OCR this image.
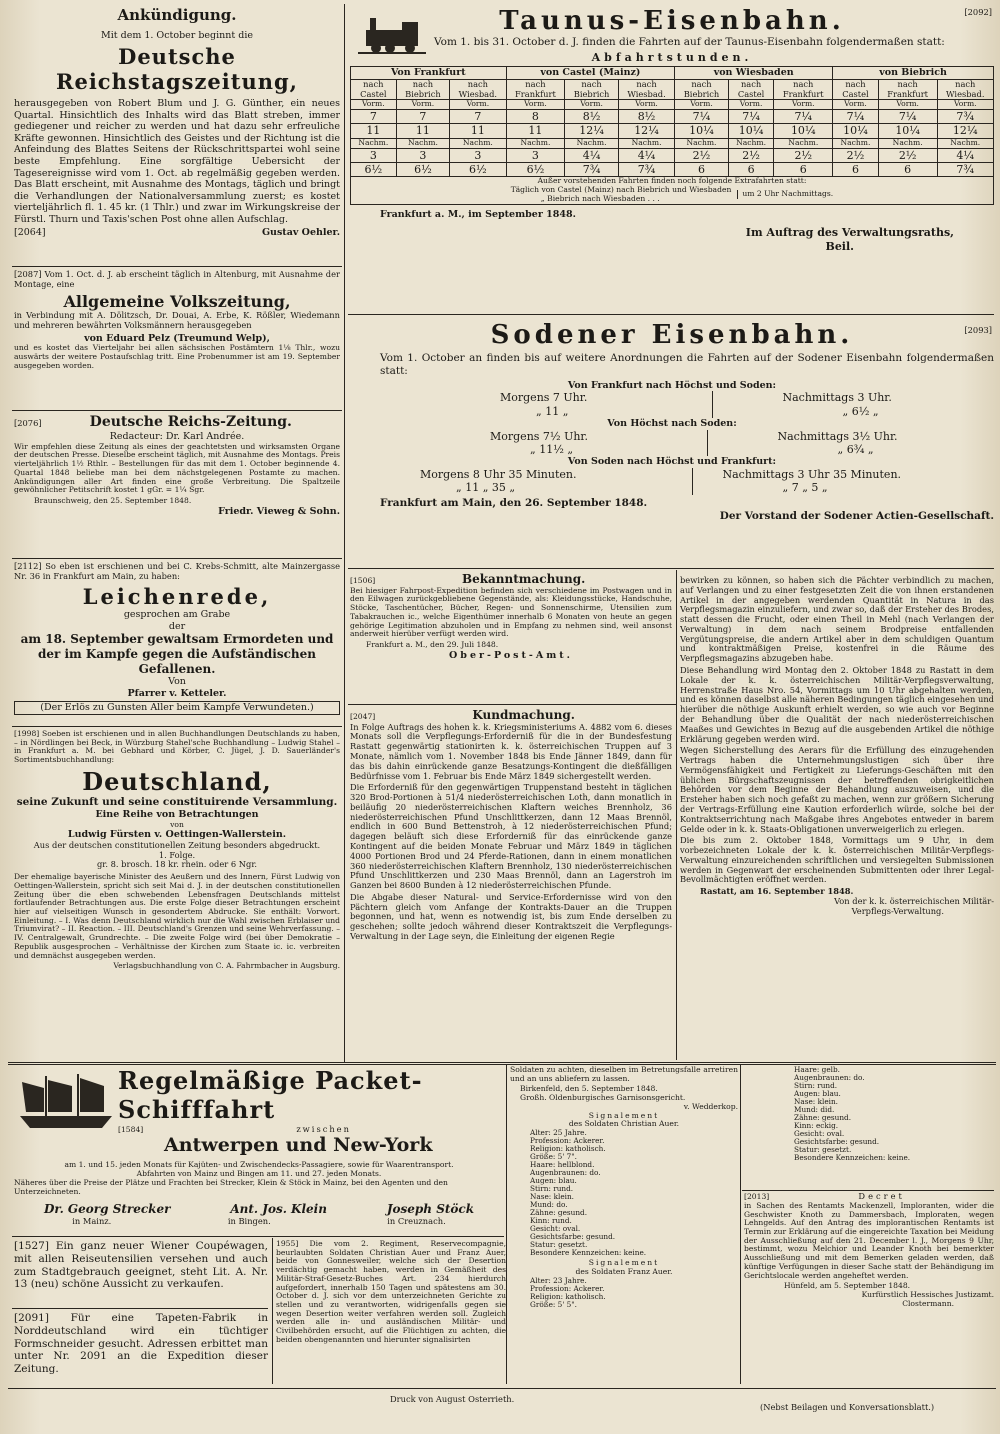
Ankündigung.
Mit dem 1. October beginnt die
Deutsche Reichstagszeitung,

herausgegeben von Robert Blum und J. G. Günther, ein neues Quartal. Hinsichtlich des Inhalts wird das Blatt streben, immer gediegener und reicher zu werden und hat dazu sehr erfreuliche Kräfte gewonnen. Hinsichtlich des Geistes und der Richtung ist die Anfeindung des Blattes Seitens der Rückschrittspartei wohl seine beste Empfehlung. Eine sorgfältige Uebersicht der Tagesereignisse wird vom 1. Oct. ab regelmäßig gegeben werden. Das Blatt erscheint, mit Ausnahme des Montags, täglich und bringt die Verhandlungen der Nationalversammlung zuerst; es kostet vierteljährlich fl. 1. 45 kr. (1 Thlr.) und zwar im Wirkungskreise der Fürstl. Thurn und Taxis'schen Post ohne allen Aufschlag.

[2064]	Gustav Oehler.

[2087] Vom 1. Oct. d. J. ab erscheint täglich in Altenburg, mit Ausnahme der Montage, eine

Allgemeine Volkszeitung,

in Verbindung mit A. Dölitzsch, Dr. Douai, A. Erbe, K. Rößler, Wiedemann und mehreren bewährten Volksmännern herausgegeben

von Eduard Pelz (Treumund Welp),

und es kostet das Vierteljahr bei allen sächsischen Postämtern 1⅛ Thlr., wozu auswärts der weitere Postaufschlag tritt. Eine Probenummer ist am 19. September ausgegeben worden.

[2076]	Deutsche Reichs-Zeitung.
Redacteur: Dr. Karl Andrée.

Wir empfehlen diese Zeitung als eines der geachtetsten und wirksamsten Organe der deutschen Presse. Dieselbe erscheint täglich, mit Ausnahme des Montags. Preis vierteljährlich 1½ Rthlr. – Bestellungen für das mit dem 1. October beginnende 4. Quartal 1848 beliebe man bei dem nächstgelegenen Postamte zu machen. Ankündigungen aller Art finden eine große Verbreitung. Die Spaltzeile gewöhnlicher Petitschrift kostet 1 gGr. = 1¼ Sgr.

Braunschweig, den 25. September 1848.
Friedr. Vieweg & Sohn.

[2112] So eben ist erschienen und bei C. Krebs-Schmitt, alte Mainzergasse Nr. 36 in Frankfurt am Main, zu haben:

Leichenrede,
gesprochen am Grabe
der
am 18. September gewaltsam Ermordeten und der im Kampfe gegen die Aufständischen Gefallenen.
Von
Pfarrer v. Ketteler.
(Der Erlös zu Gunsten Aller beim Kampfe Verwundeten.)

[1998] Soeben ist erschienen und in allen Buchhandlungen Deutschlands zu haben, – in Nördlingen bei Beck, in Würzburg Stahel'sche Buchhandlung – Ludwig Stahel – in Frankfurt a. M. bei Gebhard und Körber, C. Jügel, J. D. Sauerländer's Sortimentsbuchhandlung:

Deutschland,
seine Zukunft und seine constituirende Versammlung.
Eine Reihe von Betrachtungen
von
Ludwig Fürsten v. Oettingen-Wallerstein.
Aus der deutschen constitutionellen Zeitung besonders abgedruckt.
1. Folge.
gr. 8. brosch. 18 kr. rhein. oder 6 Ngr.

Der ehemalige bayerische Minister des Aeußern und des Innern, Fürst Ludwig von Oettingen-Wallerstein, spricht sich seit Mai d. J. in der deutschen constitutionellen Zeitung über die eben schwebenden Lebensfragen Deutschlands mittelst fortlaufender Betrachtungen aus. Die erste Folge dieser Betrachtungen erscheint hier auf vielseitigen Wunsch in gesondertem Abdrucke. Sie enthält: Vorwort. Einleitung. – I. Was denn Deutschland wirklich nur die Wahl zwischen Erblaiser und Triumvirat? – II. Reaction. – III. Deutschland's Grenzen und seine Wehrverfassung. – IV. Centralgewalt, Grundrechte. – Die zweite Folge wird (bei über Demokratie – Republik ausgesprochen – Verhältnisse der Kirchen zum Staate ic. ic. verbreiten und demnächst ausgegeben werden.

Verlagsbuchhandlung von C. A. Fahrmbacher in Augsburg.
Taunus-Eisenbahn.	[2092]

Vom 1. bis 31. October d. J. finden die Fahrten auf der Taunus-Eisenbahn folgendermaßen statt:

Abfahrtstunden.
Von Frankfurt			von Castel (Mainz)			von Wiesbaden			von Biebrich		
nach Castel	nach Biebrich	nach Wiesbad.	nach Frankfurt	nach Biebrich	nach Wiesbad.	nach Biebrich	nach Castel	nach Frankfurt	nach Castel	nach Frankfurt	nach Wiesbad.
Vorm.	Vorm.	Vorm.	Vorm.	Vorm.	Vorm.	Vorm.	Vorm.	Vorm.	Vorm.	Vorm.	Vorm.
7	7	7	8	8½	8½	7¼	7¼	7¼	7¼	7¼	7¾
11	11	11	11	12¼	12¼	10¼	10¼	10¼	10¼	10¼	12¼
Nachm.	Nachm.	Nachm.	Nachm.	Nachm.	Nachm.	Nachm.	Nachm.	Nachm.	Nachm.	Nachm.	Nachm.
3	3	3	3	4¼	4¼	2½	2½	2½	2½	2½	4¼
6½	6½	6½	6½	7¾	7¾	6	6	6	6	6	7¾

Außer vorstehenden Fahrten finden noch folgende Extrafahrten statt:
Täglich von Castel (Mainz) nach Biebrich und Wiesbaden
„ Biebrich nach Wiesbaden . . . um 2 Uhr Nachmittags.											
Frankfurt a. M., im September 1848.
Im Auftrag des Verwaltungsraths,
Beil.
Sodener Eisenbahn.	[2093]

Vom 1. October an finden bis auf weitere Anordnungen die Fahrten auf der Sodener Eisenbahn folgendermaßen statt:

Von Frankfurt nach Höchst und Soden:
Morgens 7 Uhr.
„ 11 „
Nachmittags 3 Uhr.
„ 6½ „
Von Höchst nach Soden:
Morgens 7½ Uhr.
„ 11½ „
Nachmittags 3½ Uhr.
„ 6¾ „
Von Soden nach Höchst und Frankfurt:
Morgens 8 Uhr 35 Minuten.
„ 11 „ 35 „
Nachmittags 3 Uhr 35 Minuten.
„ 7 „ 5 „
Frankfurt am Main, den 26. September 1848.
Der Vorstand der Sodener Actien-Gesellschaft.
[1506]	Bekanntmachung.

Bei hiesiger Fahrpost-Expedition befinden sich verschiedene im Postwagen und in den Eilwagen zurückgebliebene Gegenstände, als: Kleidungsstücke, Handschuhe, Stöcke, Taschentücher, Bücher, Regen- und Sonnenschirme, Utensilien zum Tabakrauchen ic., welche Eigenthümer innerhalb 6 Monaten von heute an gegen gehörige Legitimation abzuholen und in Empfang zu nehmen sind, weil ansonst anderweit hierüber verfügt werden wird.

Frankfurt a. M., den 29. Juli 1848.
Ober-Post-Amt.
[2047]	Kundmachung.

In Folge Auftrags des hohen k. k. Kriegsministeriums A. 4882 vom 6. dieses Monats soll die Verpflegungs-Erforderniß für die in der Bundesfestung Rastatt gegenwärtig stationirten k. k. österreichischen Truppen auf 3 Monate, nämlich vom 1. November 1848 bis Ende Jänner 1849, dann für das bis dahin einrückende ganze Besatzungs-Kontingent die dießfälligen Bedürfnisse vom 1. Februar bis Ende März 1849 sichergestellt werden.

Die Erforderniß für den gegenwärtigen Truppenstand besteht in täglichen 320 Brod-Portionen à 51/4 niederösterreichischen Loth, dann monatlich in beiläufig 20 niederösterreichischen Klaftern weiches Brennholz, 36 niederösterreichischen Pfund Unschlittkerzen, dann 12 Maas Brennöl, endlich in 600 Bund Bettenstroh, à 12 niederösterreichischen Pfund; dagegen beläuft sich diese Erforderniß für das einrückende ganze Kontingent auf die beiden Monate Februar und März 1849 in täglichen 4000 Portionen Brod und 24 Pferde-Rationen, dann in einem monatlichen 360 niederösterreichischen Klaftern Brennholz, 130 niederösterreichischen Pfund Unschlittkerzen und 230 Maas Brennöl, dann an Lagerstroh im Ganzen bei 8600 Bunden à 12 niederösterreichischen Pfunde.

Die Abgabe dieser Natural- und Service-Erfordernisse wird von den Pächtern gleich vom Anfange der Kontrakts-Dauer an die Truppen begonnen, und hat, wenn es notwendig ist, bis zum Ende derselben zu geschehen; sollte jedoch während dieser Kontraktszeit die Verpflegungs-Verwaltung in der Lage seyn, die Einleitung der eigenen Regie

bewirken zu können, so haben sich die Pächter verbindlich zu machen, auf Verlangen und zu einer festgesetzten Zeit die von ihnen erstandenen Artikel in der angegeben werdenden Quantität in Natura in das Verpflegsmagazin einzuliefern, und zwar so, daß der Ersteher des Brodes, statt dessen die Frucht, oder einen Theil in Mehl (nach Verlangen der Verwaltung) in dem nach seinem Brodpreise entfallenden Vergütungspreise, die andern Artikel aber in dem schuldigen Quantum und kontraktmäßigen Preise, kostenfrei in die Räume des Verpflegsmagazins abzugeben habe.

Diese Behandlung wird Montag den 2. Oktober 1848 zu Rastatt in dem Lokale der k. k. österreichischen Militär-Verpflegsverwaltung, Herrenstraße Haus Nro. 54, Vormittags um 10 Uhr abgehalten werden, und es können daselbst alle näheren Bedingungen täglich eingesehen und hierüber die nöthige Auskunft erhielt werden, so wie auch vor Beginne der Behandlung über die Qualität der nach niederösterreichischen Maaßes und Gewichtes in Bezug auf die ausgebenden Artikel die nöthige Erklärung gegeben werden wird.

Wegen Sicherstellung des Aerars für die Erfüllung des einzugehenden Vertrags haben die Unternehmungslustigen sich über ihre Vermögensfähigkeit und Fertigkeit zu Lieferungs-Geschäften mit den üblichen Bürgschaftszeugnissen der betreffenden obrigkeitlichen Behörden vor dem Beginne der Behandlung auszuweisen, und die Ersteher haben sich noch gefaßt zu machen, wenn zur größern Sicherung der Vertrags-Erfüllung eine Kaution erforderlich würde, solche bei der Kontraktserrichtung nach Maßgabe ihres Angebotes entweder in barem Gelde oder in k. k. Staats-Obligationen unverweigerlich zu erlegen.

Die bis zum 2. Oktober 1848, Vormittags um 9 Uhr, in dem vorbezeichneten Lokale der k. k. österreichischen Militär-Verpflegs-Verwaltung einzureichenden schriftlichen und versiegelten Submissionen werden in Gegenwart der erscheinenden Submittenten oder ihrer Legal-Bevollmächtigten eröffnet werden.

Rastatt, am 16. September 1848.
Von der k. k. österreichischen Militär-
Verpflegs-Verwaltung.
Regelmäßige Packet-Schifffahrt
[1584]	zwischen
Antwerpen und New-York
am 1. und 15. jeden Monats für Kajüten- und Zwischendecks-Passagiere, sowie für Waarentransport.
Abfahrten von Mainz und Bingen am 11. und 27. jeden Monats.
Näheres über die Preise der Plätze und Frachten bei Strecker, Klein & Stöck in Mainz, bei den Agenten und den Unterzeichneten.
Dr. Georg Strecker	Ant. Jos. Klein	Joseph Stöck
in Mainz.	in Bingen.	in Creuznach.

[1527] Ein ganz neuer Wiener Coupéwagen, mit allen Reiseutensilien versehen und auch zum Stadtgebrauch geeignet, steht Lit. A. Nr. 13 (neu) schöne Aussicht zu verkaufen.

[2091] Für eine Tapeten-Fabrik in Norddeutschland wird ein tüchtiger Formschneider gesucht. Adressen erbittet man unter Nr. 2091 an die Expedition dieser Zeitung.

1955] Die vom 2. Regiment, Reservecompagnie, beurlaubten Soldaten Christian Auer und Franz Auer, beide von Gonnesweiler, welche sich der Desertion verdächtig gemacht haben, werden in Gemäßheit des Militär-Straf-Gesetz-Buches Art. 234 hierdurch aufgefordert, innerhalb 150 Tagen und spätestens am 30. October d. J. sich vor dem unterzeichneten Gerichte zu stellen und zu verantworten, widrigenfalls gegen sie wegen Desertion weiter verfahren werden soll. Zugleich werden alle in- und ausländischen Militär- und Civilbehörden ersucht, auf die Flüchtigen zu achten, die beiden obengenannten und hierunter signalisirten

Soldaten zu achten, dieselben im Betretungsfalle arretiren und an uns abliefern zu lassen.

Birkenfeld, den 5. September 1848.
Großh. Oldenburgisches Garnisonsgericht.
v. Wedderkop.
Signalement
des Soldaten Christian Auer.
Alter: 25 Jahre.
Profession: Ackerer.
Religion: katholisch.
Größe: 5' 7".
Haare: hellblond.
Augenbraunen: do.
Augen: blau.
Stirn: rund.
Nase: klein.
Mund: do.
Zähne: gesund.
Kinn: rund.
Gesicht: oval.
Gesichtsfarbe: gesund.
Statur: gesetzt.
Besondere Kennzeichen: keine.
Signalement
des Soldaten Franz Auer.
Alter: 23 Jahre.
Profession: Ackerer.
Religion: katholisch.
Größe: 5' 5".
Haare: gelb.
Augenbraunen: do.
Stirn: rund.
Augen: blau.
Nase: klein.
Mund: did.
Zähne: gesund.
Kinn: eckig.
Gesicht: oval.
Gesichtsfarbe: gesund.
Statur: gesetzt.
Besondere Kennzeichen: keine.
[2013]	Decret

in Sachen des Rentamts Mackenzell, Imploranten, wider die Geschwister Knoth zu Dammersbach, Imploraten, wegen Lehngelds. Auf den Antrag des implorantischen Rentamts ist Termin zur Erklärung auf die eingereichte Taxation bei Meidung der Ausschließung auf den 21. December l. J., Morgens 9 Uhr, bestimmt, wozu Melchior und Leander Knoth bei bemerkter Ausschließung und mit dem Bemerken geladen werden, daß künftige Verfügungen in dieser Sache statt der Behändigung im Gerichtslocale werden angeheftet werden.

Hünfeld, am 5. September 1848.
Kurfürstlich Hessisches Justizamt.
Clostermann.
Druck von August Osterrieth.
(Nebst Beilagen und Konversationsblatt.)
